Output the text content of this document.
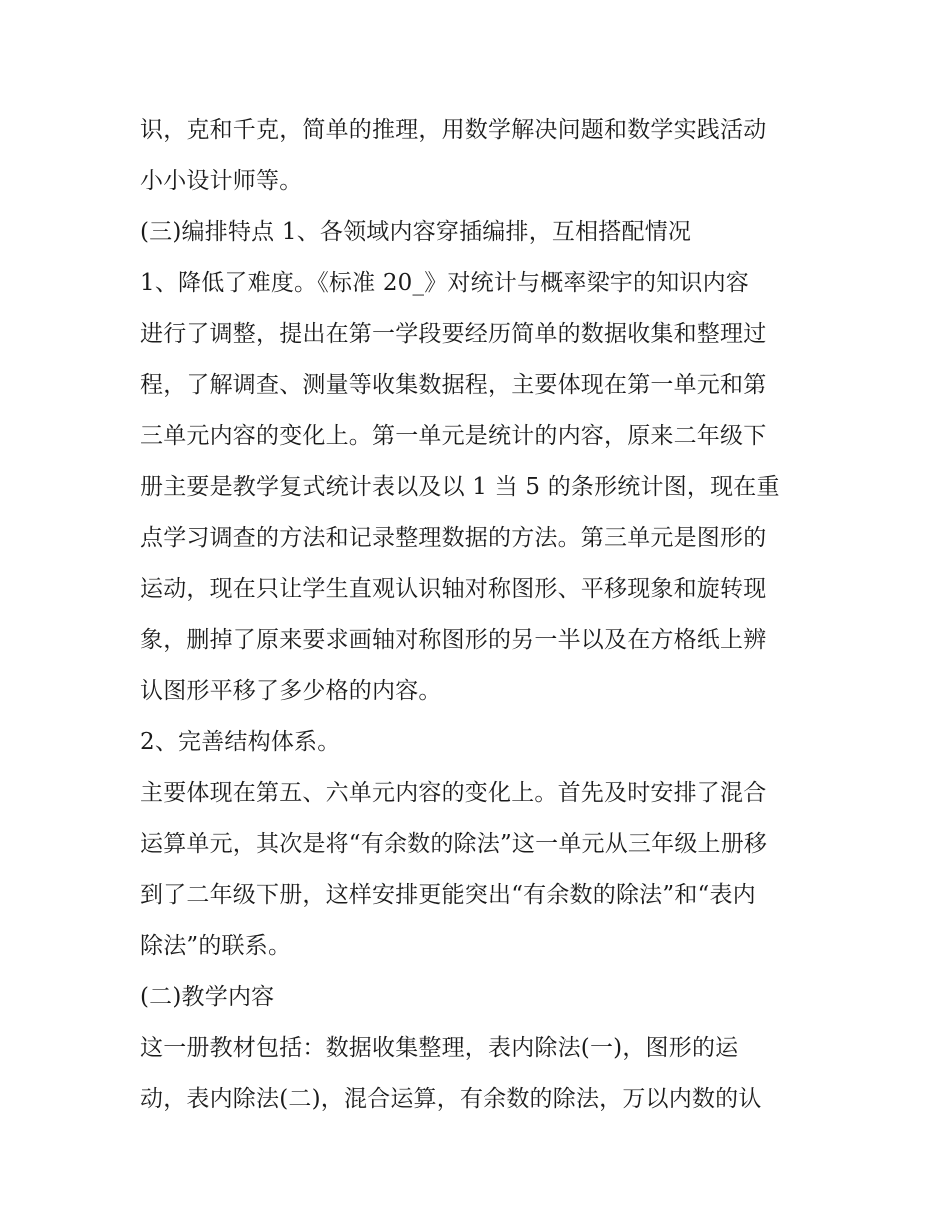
识，克和千克，简单的推理，用数学解决问题和数学实践活动
小小设计师等。
(三)编排特点 1、各领域内容穿插编排，互相搭配情况
1、降低了难度。《标准 20_》对统计与概率梁宇的知识内容
进行了调整，提出在第一学段要经历简单的数据收集和整理过
程，了解调查、测量等收集数据程，主要体现在第一单元和第
三单元内容的变化上。第一单元是统计的内容，原来二年级下
册主要是教学复式统计表以及以 1 当 5 的条形统计图，现在重
点学习调查的方法和记录整理数据的方法。第三单元是图形的
运动，现在只让学生直观认识轴对称图形、平移现象和旋转现
象，删掉了原来要求画轴对称图形的另一半以及在方格纸上辨
认图形平移了多少格的内容。
2、完善结构体系。
主要体现在第五、六单元内容的变化上。首先及时安排了混合
运算单元，其次是将“有余数的除法”这一单元从三年级上册移
到了二年级下册，这样安排更能突出“有余数的除法”和“表内
除法”的联系。
(二)教学内容
这一册教材包括：数据收集整理，表内除法(一)，图形的运
动，表内除法(二)，混合运算，有余数的除法，万以内数的认
